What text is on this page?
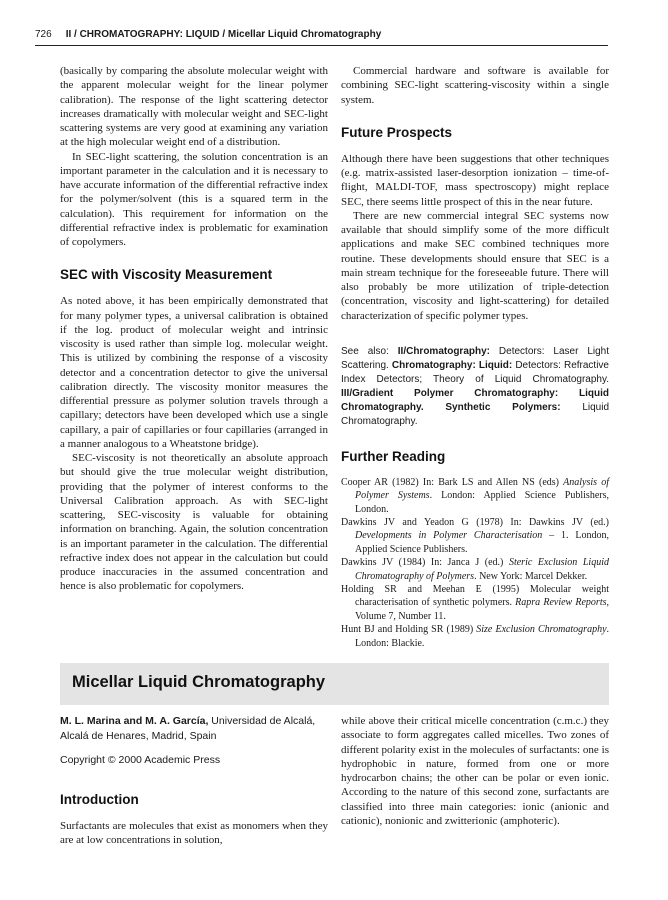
726 II / CHROMATOGRAPHY: LIQUID / Micellar Liquid Chromatography

(basically by comparing the absolute molecular weight with the apparent molecular weight for the linear polymer calibration). The response of the light scattering detector increases dramatically with molecular weight and SEC-light scattering systems are very good at examining any variation at the high molecular weight end of a distribution.

In SEC-light scattering, the solution concentration is an important parameter in the calculation and it is necessary to have accurate information of the differential refractive index for the polymer/solvent (this is a squared term in the calculation). This requirement for information on the differential refractive index is problematic for examination of copolymers.

SEC with Viscosity Measurement

As noted above, it has been empirically demonstrated that for many polymer types, a universal calibration is obtained if the log. product of molecular weight and intrinsic viscosity is used rather than simple log. molecular weight. This is utilized by combining the response of a viscosity detector and a concentration detector to give the universal calibration directly. The viscosity monitor measures the differential pressure as polymer solution travels through a capillary; detectors have been developed which use a single capillary, a pair of capillaries or four capillaries (arranged in a manner analogous to a Wheatstone bridge).

SEC-viscosity is not theoretically an absolute approach but should give the true molecular weight distribution, providing that the polymer of interest conforms to the Universal Calibration approach. As with SEC-light scattering, SEC-viscosity is valuable for obtaining information on branching. Again, the solution concentration is an important parameter in the calculation. The differential refractive index does not appear in the calculation but could produce inaccuracies in the assumed concentration and hence is also problematic for copolymers.

Commercial hardware and software is available for combining SEC-light scattering-viscosity within a single system.

Future Prospects

Although there have been suggestions that other techniques (e.g. matrix-assisted laser-desorption ionization – time-of-flight, MALDI-TOF, mass spectroscopy) might replace SEC, there seems little prospect of this in the near future.

There are new commercial integral SEC systems now available that should simplify some of the more difficult applications and make SEC combined techniques more routine. These developments should ensure that SEC is a main stream technique for the foreseeable future. There will also probably be more utilization of triple-detection (concentration, viscosity and light-scattering) for detailed characterization of specific polymer types.

See also: II/Chromatography: Detectors: Laser Light Scattering. Chromatography: Liquid: Detectors: Refractive Index Detectors; Theory of Liquid Chromatography. III/Gradient Polymer Chromatography: Liquid Chromatography. Synthetic Polymers: Liquid Chromatography.

Further Reading

Cooper AR (1982) In: Bark LS and Allen NS (eds) Analysis of Polymer Systems. London: Applied Science Publishers, London.

Dawkins JV and Yeadon G (1978) In: Dawkins JV (ed.) Developments in Polymer Characterisation – 1. London, Applied Science Publishers.

Dawkins JV (1984) In: Janca J (ed.) Steric Exclusion Liquid Chromatography of Polymers. New York: Marcel Dekker.

Holding SR and Meehan E (1995) Molecular weight characterisation of synthetic polymers. Rapra Review Reports, Volume 7, Number 11.

Hunt BJ and Holding SR (1989) Size Exclusion Chromatography. London: Blackie.

Micellar Liquid Chromatography

M. L. Marina and M. A. García, Universidad de Alcalá, Alcalá de Henares, Madrid, Spain

Copyright © 2000 Academic Press

Introduction

Surfactants are molecules that exist as monomers when they are at low concentrations in solution,

while above their critical micelle concentration (c.m.c.) they associate to form aggregates called micelles. Two zones of different polarity exist in the molecules of surfactants: one is hydrophobic in nature, formed from one or more hydrocarbon chains; the other can be polar or even ionic. According to the nature of this second zone, surfactants are classified into three main categories: ionic (anionic and cationic), nonionic and zwitterionic (amphoteric).
